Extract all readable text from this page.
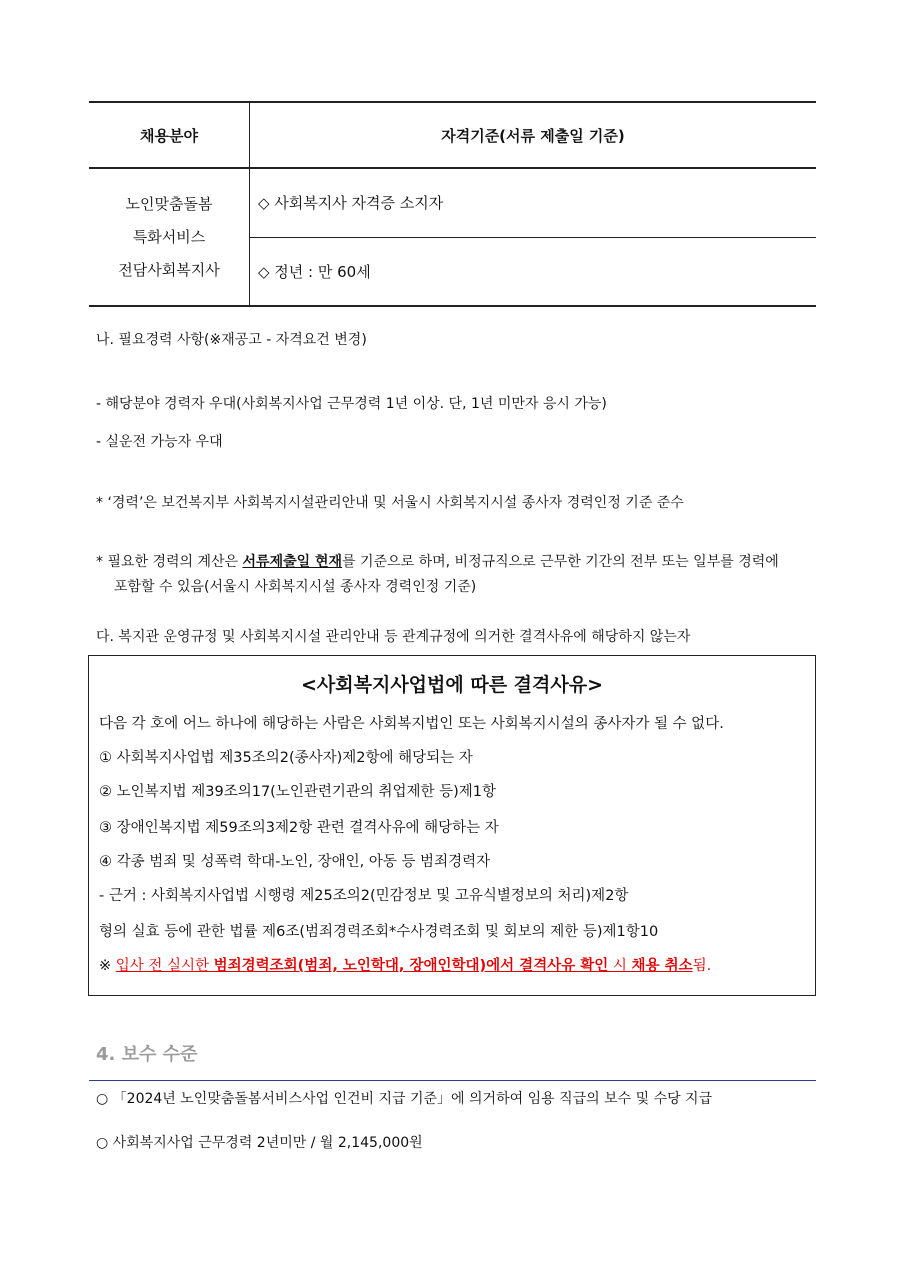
채용분야	자격기준(서류 제출일 기준)
노인맞춤돌봄
특화서비스
전담사회복지사
◇ 사회복지사 자격증 소지자
◇ 정년 : 만 60세
나. 필요경력 사항(※재공고 - 자격요건 변경)
- 해당분야 경력자 우대(사회복지사업 근무경력 1년 이상. 단, 1년 미만자 응시 가능)
- 실운전 가능자 우대
* ‘경력’은 보건복지부 사회복지시설관리안내 및 서울시 사회복지시설 종사자 경력인정 기준 준수
* 필요한 경력의 계산은 서류제출일 현재를 기준으로 하며, 비정규직으로 근무한 기간의 전부 또는 일부를 경력에
포함할 수 있음(서울시 사회복지시설 종사자 경력인정 기준)
다. 복지관 운영규정 및 사회복지시설 관리안내 등 관계규정에 의거한 결격사유에 해당하지 않는자
<사회복지사업법에 따른 결격사유>
다음 각 호에 어느 하나에 해당하는 사람은 사회복지법인 또는 사회복지시설의 종사자가 될 수 없다.
① 사회복지사업법 제35조의2(종사자)제2항에 해당되는 자
② 노인복지법 제39조의17(노인관련기관의 취업제한 등)제1항
③ 장애인복지법 제59조의3제2항 관련 결격사유에 해당하는 자
④ 각종 범죄 및 성폭력 학대-노인, 장애인, 아동 등 범죄경력자
- 근거 : 사회복지사업법 시행령 제25조의2(민감정보 및 고유식별정보의 처리)제2항
형의 실효 등에 관한 법률 제6조(범죄경력조회*수사경력조회 및 회보의 제한 등)제1항10
※ 입사 전 실시한 범죄경력조회(범죄, 노인학대, 장애인학대)에서 결격사유 확인 시 채용 취소됨.
4. 보수 수준
○ 「2024년 노인맞춤돌봄서비스사업 인건비 지급 기준」에 의거하여 임용 직급의 보수 및 수당 지급
○ 사회복지사업 근무경력 2년미만 / 월 2,145,000원
